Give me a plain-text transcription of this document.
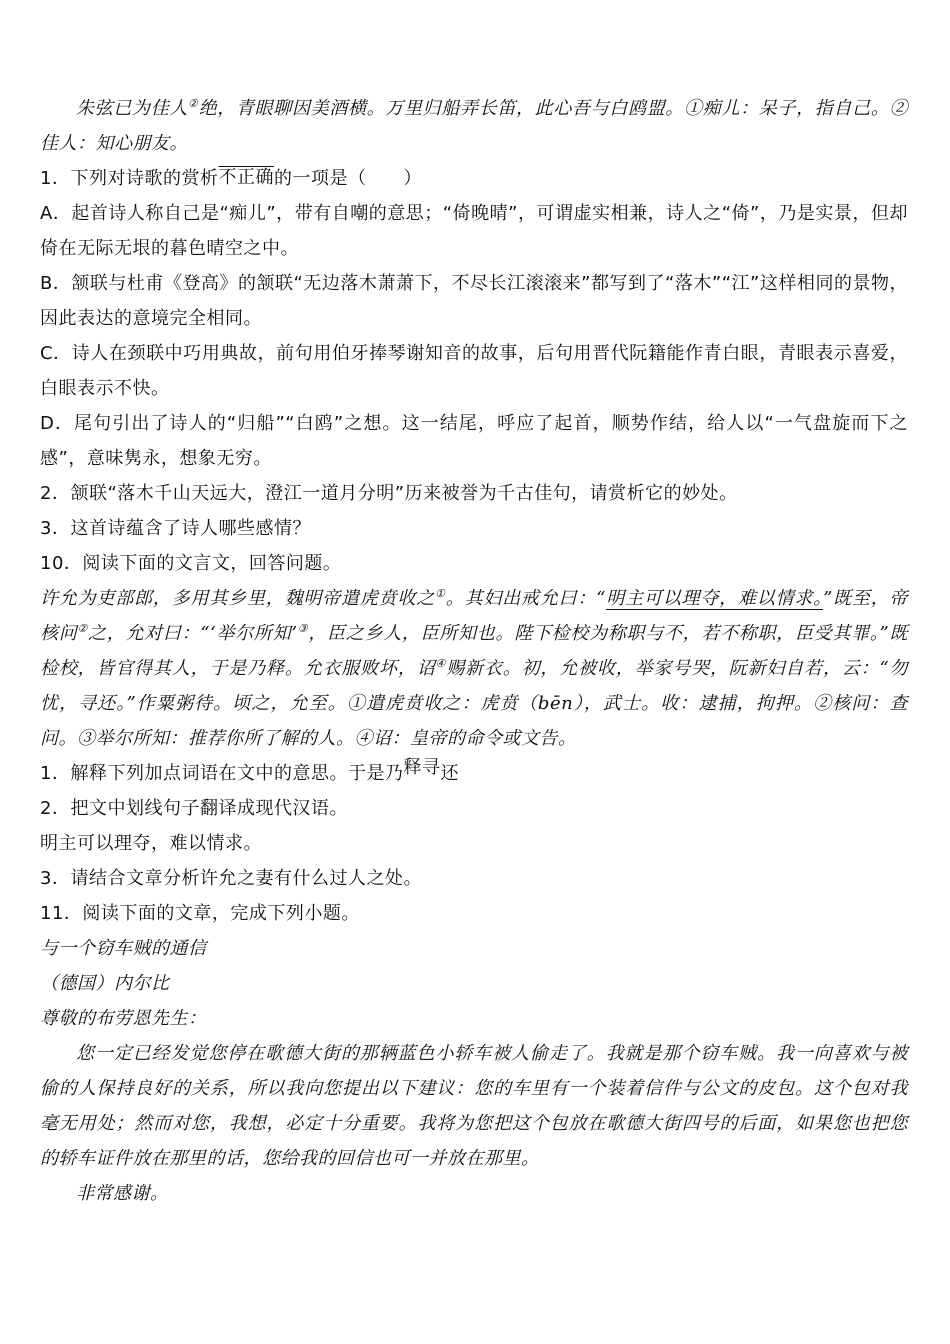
朱弦已为佳人②绝，青眼聊因美酒横。万里归船弄长笛，此心吾与白鸥盟。①痴儿：呆子，指自己。②佳人：知心朋友。

1．下列对诗歌的赏析不正确的一项是（　　）

A．起首诗人称自己是“痴儿”，带有自嘲的意思；“倚晚晴”，可谓虚实相兼，诗人之“倚”，乃是实景，但却倚在无际无垠的暮色晴空之中。

B．颔联与杜甫《登高》的颔联“无边落木萧萧下，不尽长江滚滚来”都写到了“落木”“江”这样相同的景物，因此表达的意境完全相同。

C．诗人在颈联中巧用典故，前句用伯牙捧琴谢知音的故事，后句用晋代阮籍能作青白眼，青眼表示喜爱，白眼表示不快。

D．尾句引出了诗人的“归船”“白鸥”之想。这一结尾，呼应了起首，顺势作结，给人以“一气盘旋而下之感”，意味隽永，想象无穷。

2．颔联“落木千山天远大，澄江一道月分明”历来被誉为千古佳句，请赏析它的妙处。

3．这首诗蕴含了诗人哪些感情？

10．阅读下面的文言文，回答问题。

许允为吏部郎，多用其乡里，魏明帝遣虎贲收之①。其妇出戒允曰：“明主可以理夺，难以情求。”既至，帝核问②之，允对曰：“‘举尔所知’③，臣之乡人，臣所知也。陛下检校为称职与不，若不称职，臣受其罪。”既检校，皆官得其人，于是乃释。允衣服败坏，诏④赐新衣。初，允被收，举家号哭，阮新妇自若，云：“勿忧，寻还。”作粟粥待。顷之，允至。①遣虎贲收之：虎贲（bēn），武士。收：逮捕，拘押。②核问：查问。③举尔所知：推荐你所了解的人。④诏：皇帝的命令或文告。

1．解释下列加点词语在文中的意思。于是乃释寻还

2．把文中划线句子翻译成现代汉语。

明主可以理夺，难以情求。

3．请结合文章分析许允之妻有什么过人之处。

11．阅读下面的文章，完成下列小题。

与一个窃车贼的通信

（德国）内尔比

尊敬的布劳恩先生：

您一定已经发觉您停在歌德大街的那辆蓝色小轿车被人偷走了。我就是那个窃车贼。我一向喜欢与被偷的人保持良好的关系，所以我向您提出以下建议：您的车里有一个装着信件与公文的皮包。这个包对我毫无用处；然而对您，我想，必定十分重要。我将为您把这个包放在歌德大街四号的后面，如果您也把您的轿车证件放在那里的话，您给我的回信也可一并放在那里。

非常感谢。
